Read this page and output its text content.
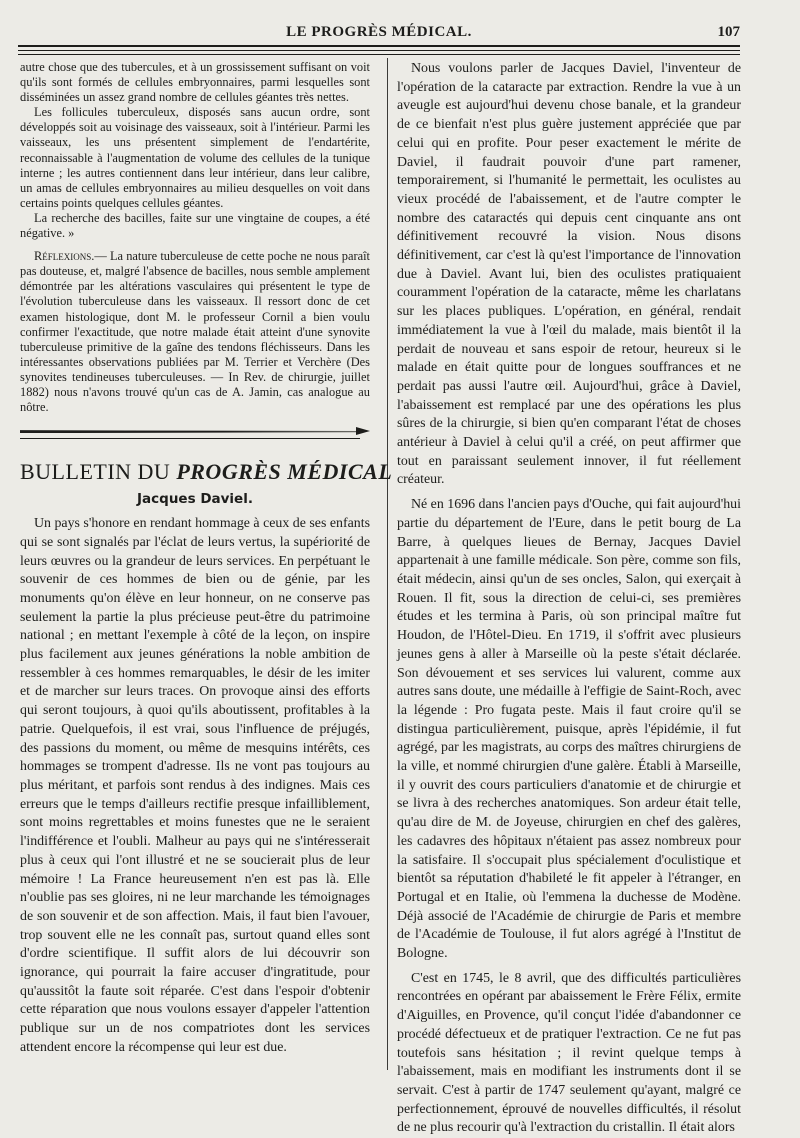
LE PROGRÈS MÉDICAL.	107

autre chose que des tubercules, et à un grossissement suffisant on voit qu'ils sont formés de cellules embryonnaires, parmi lesquelles sont disséminées un assez grand nombre de cellules géantes très nettes.

Les follicules tuberculeux, disposés sans aucun ordre, sont développés soit au voisinage des vaisseaux, soit à l'intérieur. Parmi les vaisseaux, les uns présentent simplement de l'endartérite, reconnaissable à l'augmentation de volume des cellules de la tunique interne ; les autres contiennent dans leur intérieur, dans leur calibre, un amas de cellules embryonnaires au milieu desquelles on voit dans certains points quelques cellules géantes.

La recherche des bacilles, faite sur une vingtaine de coupes, a été négative. »

Réflexions.— La nature tuberculeuse de cette poche ne nous paraît pas douteuse, et, malgré l'absence de bacilles, nous semble amplement démontrée par les altérations vasculaires qui présentent le type de l'évolution tuberculeuse dans les vaisseaux. Il ressort donc de cet examen histologique, dont M. le professeur Cornil a bien voulu confirmer l'exactitude, que notre malade était atteint d'une synovite tuberculeuse primitive de la gaîne des tendons fléchisseurs. Dans les intéressantes observations publiées par M. Terrier et Verchère (Des synovites tendineuses tuberculeuses. — In Rev. de chirurgie, juillet 1882) nous n'avons trouvé qu'un cas de A. Jamin, cas analogue au nôtre.

BULLETIN DU PROGRÈS MÉDICAL
Jacques Daviel.

Un pays s'honore en rendant hommage à ceux de ses enfants qui se sont signalés par l'éclat de leurs vertus, la supériorité de leurs œuvres ou la grandeur de leurs services. En perpétuant le souvenir de ces hommes de bien ou de génie, par les monuments qu'on élève en leur honneur, on ne conserve pas seulement la partie la plus précieuse peut-être du patrimoine national ; en mettant l'exemple à côté de la leçon, on inspire plus facilement aux jeunes générations la noble ambition de ressembler à ces hommes remarquables, le désir de les imiter et de marcher sur leurs traces. On provoque ainsi des efforts qui seront toujours, à quoi qu'ils aboutissent, profitables à la patrie. Quelquefois, il est vrai, sous l'influence de préjugés, des passions du moment, ou même de mesquins intérêts, ces hommages se trompent d'adresse. Ils ne vont pas toujours au plus méritant, et parfois sont rendus à des indignes. Mais ces erreurs que le temps d'ailleurs rectifie presque infailliblement, sont moins regrettables et moins funestes que ne le seraient l'indifférence et l'oubli. Malheur au pays qui ne s'intéresserait plus à ceux qui l'ont illustré et ne se soucierait plus de leur mémoire ! La France heureusement n'en est pas là. Elle n'oublie pas ses gloires, ni ne leur marchande les témoignages de son souvenir et de son affection. Mais, il faut bien l'avouer, trop souvent elle ne les connaît pas, surtout quand elles sont d'ordre scientifique. Il suffit alors de lui découvrir son ignorance, qui pourrait la faire accuser d'ingratitude, pour qu'aussitôt la faute soit réparée. C'est dans l'espoir d'obtenir cette réparation que nous voulons essayer d'appeler l'attention publique sur un de nos compatriotes dont les services attendent encore la récompense qui leur est due.

Nous voulons parler de Jacques Daviel, l'inventeur de l'opération de la cataracte par extraction. Rendre la vue à un aveugle est aujourd'hui devenu chose banale, et la grandeur de ce bienfait n'est plus guère justement appréciée que par celui qui en profite. Pour peser exactement le mérite de Daviel, il faudrait pouvoir d'une part ramener, temporairement, si l'humanité le permettait, les oculistes au vieux procédé de l'abaissement, et de l'autre compter le nombre des cataractés qui depuis cent cinquante ans ont définitivement recouvré la vision. Nous disons définitivement, car c'est là qu'est l'importance de l'innovation due à Daviel. Avant lui, bien des oculistes pratiquaient couramment l'opération de la cataracte, même les charlatans sur les places publiques. L'opération, en général, rendait immédiatement la vue à l'œil du malade, mais bientôt il la perdait de nouveau et sans espoir de retour, heureux si le malade en était quitte pour de longues souffrances et ne perdait pas aussi l'autre œil. Aujourd'hui, grâce à Daviel, l'abaissement est remplacé par une des opérations les plus sûres de la chirurgie, si bien qu'en comparant l'état de choses antérieur à Daviel à celui qu'il a créé, on peut affirmer que tout en paraissant seulement innover, il fut réellement créateur.

Né en 1696 dans l'ancien pays d'Ouche, qui fait aujourd'hui partie du département de l'Eure, dans le petit bourg de La Barre, à quelques lieues de Bernay, Jacques Daviel appartenait à une famille médicale. Son père, comme son fils, était médecin, ainsi qu'un de ses oncles, Salon, qui exerçait à Rouen. Il fit, sous la direction de celui-ci, ses premières études et les termina à Paris, où son principal maître fut Houdon, de l'Hôtel-Dieu. En 1719, il s'offrit avec plusieurs jeunes gens à aller à Marseille où la peste s'était déclarée. Son dévouement et ses services lui valurent, comme aux autres sans doute, une médaille à l'effigie de Saint-Roch, avec la légende : Pro fugata peste. Mais il faut croire qu'il se distingua particulièrement, puisque, après l'épidémie, il fut agrégé, par les magistrats, au corps des maîtres chirurgiens de la ville, et nommé chirurgien d'une galère. Établi à Marseille, il y ouvrit des cours particuliers d'anatomie et de chirurgie et se livra à des recherches anatomiques. Son ardeur était telle, qu'au dire de M. de Joyeuse, chirurgien en chef des galères, les cadavres des hôpitaux n'étaient pas assez nombreux pour la satisfaire. Il s'occupait plus spécialement d'oculistique et bientôt sa réputation d'habileté le fit appeler à l'étranger, en Portugal et en Italie, où l'emmena la duchesse de Modène. Déjà associé de l'Académie de chirurgie de Paris et membre de l'Académie de Toulouse, il fut alors agrégé à l'Institut de Bologne.

C'est en 1745, le 8 avril, que des difficultés particulières rencontrées en opérant par abaissement le Frère Félix, ermite d'Aiguilles, en Provence, qu'il conçut l'idée d'abandonner ce procédé défectueux et de pratiquer l'extraction. Ce ne fut pas toutefois sans hésitation ; il revint quelque temps à l'abaissement, mais en modifiant les instruments dont il se servait. C'est à partir de 1747 seulement qu'ayant, malgré ce perfectionnement, éprouvé de nouvelles difficultés, il résolut de ne plus recourir qu'à l'extraction du cristallin. Il était alors
